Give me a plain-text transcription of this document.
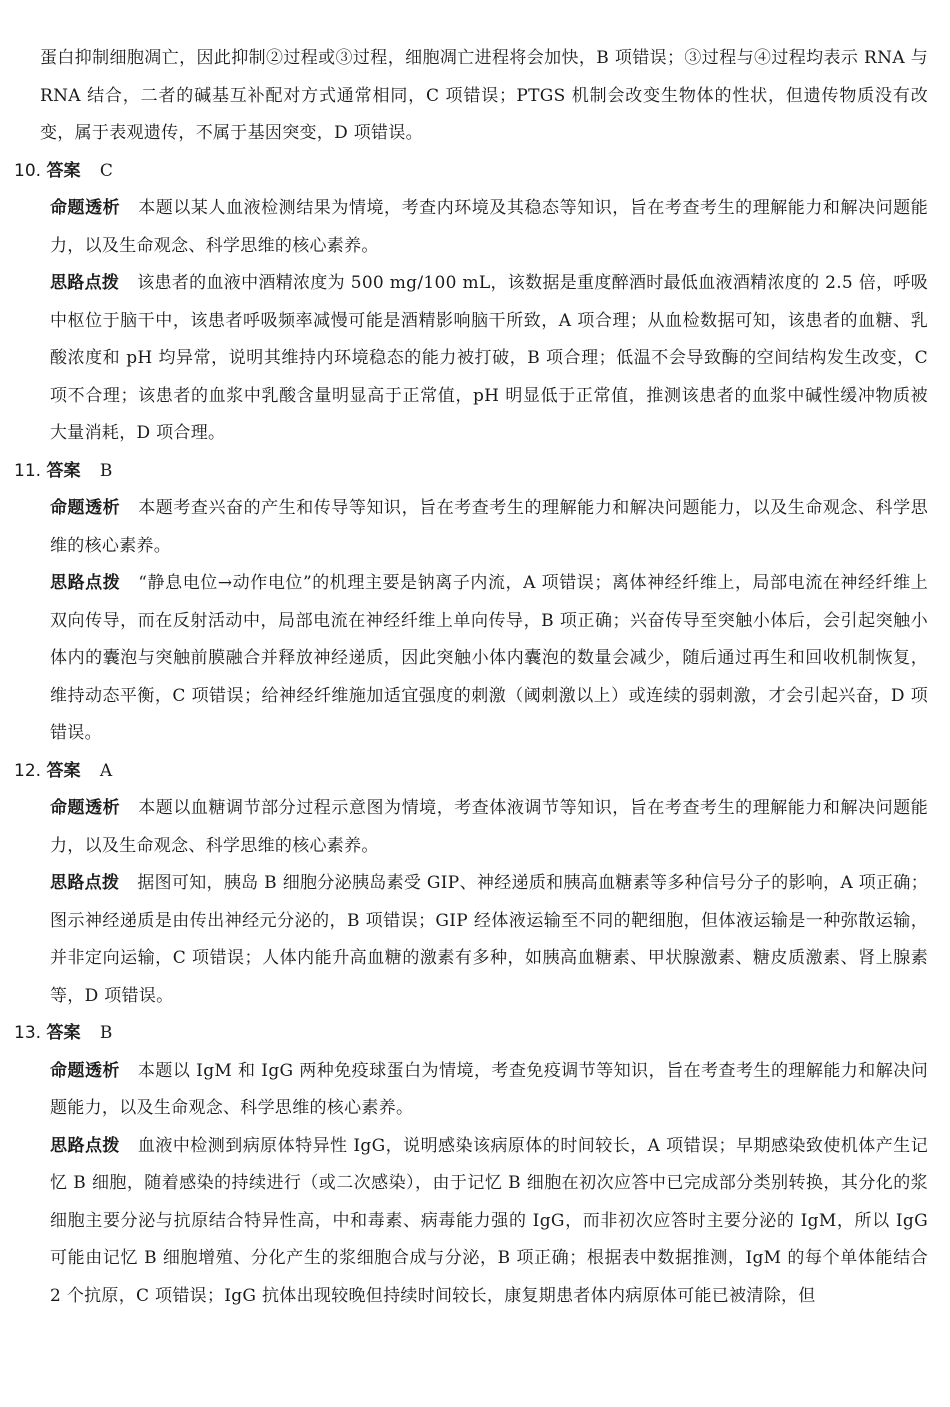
蛋白抑制细胞凋亡，因此抑制②过程或③过程，细胞凋亡进程将会加快，B 项错误；③过程与④过程均表示 RNA 与 RNA 结合，二者的碱基互补配对方式通常相同，C 项错误；PTGS 机制会改变生物体的性状，但遗传物质没有改变，属于表观遗传，不属于基因突变，D 项错误。

10. 答案 C

命题透析 本题以某人血液检测结果为情境，考查内环境及其稳态等知识，旨在考查考生的理解能力和解决问题能力，以及生命观念、科学思维的核心素养。

思路点拨 该患者的血液中酒精浓度为 500 mg/100 mL，该数据是重度醉酒时最低血液酒精浓度的 2.5 倍，呼吸中枢位于脑干中，该患者呼吸频率减慢可能是酒精影响脑干所致，A 项合理；从血检数据可知，该患者的血糖、乳酸浓度和 pH 均异常，说明其维持内环境稳态的能力被打破，B 项合理；低温不会导致酶的空间结构发生改变，C 项不合理；该患者的血浆中乳酸含量明显高于正常值，pH 明显低于正常值，推测该患者的血浆中碱性缓冲物质被大量消耗，D 项合理。

11. 答案 B

命题透析 本题考查兴奋的产生和传导等知识，旨在考查考生的理解能力和解决问题能力，以及生命观念、科学思维的核心素养。

思路点拨 “静息电位→动作电位”的机理主要是钠离子内流，A 项错误；离体神经纤维上，局部电流在神经纤维上双向传导，而在反射活动中，局部电流在神经纤维上单向传导，B 项正确；兴奋传导至突触小体后，会引起突触小体内的囊泡与突触前膜融合并释放神经递质，因此突触小体内囊泡的数量会减少，随后通过再生和回收机制恢复，维持动态平衡，C 项错误；给神经纤维施加适宜强度的刺激（阈刺激以上）或连续的弱刺激，才会引起兴奋，D 项错误。

12. 答案 A

命题透析 本题以血糖调节部分过程示意图为情境，考查体液调节等知识，旨在考查考生的理解能力和解决问题能力，以及生命观念、科学思维的核心素养。

思路点拨 据图可知，胰岛 B 细胞分泌胰岛素受 GIP、神经递质和胰高血糖素等多种信号分子的影响，A 项正确；图示神经递质是由传出神经元分泌的，B 项错误；GIP 经体液运输至不同的靶细胞，但体液运输是一种弥散运输，并非定向运输，C 项错误；人体内能升高血糖的激素有多种，如胰高血糖素、甲状腺激素、糖皮质激素、肾上腺素等，D 项错误。

13. 答案 B

命题透析 本题以 IgM 和 IgG 两种免疫球蛋白为情境，考查免疫调节等知识，旨在考查考生的理解能力和解决问题能力，以及生命观念、科学思维的核心素养。

思路点拨 血液中检测到病原体特异性 IgG，说明感染该病原体的时间较长，A 项错误；早期感染致使机体产生记忆 B 细胞，随着感染的持续进行（或二次感染），由于记忆 B 细胞在初次应答中已完成部分类别转换，其分化的浆细胞主要分泌与抗原结合特异性高，中和毒素、病毒能力强的 IgG，而非初次应答时主要分泌的 IgM，所以 IgG 可能由记忆 B 细胞增殖、分化产生的浆细胞合成与分泌，B 项正确；根据表中数据推测，IgM 的每个单体能结合 2 个抗原，C 项错误；IgG 抗体出现较晚但持续时间较长，康复期患者体内病原体可能已被清除，但
